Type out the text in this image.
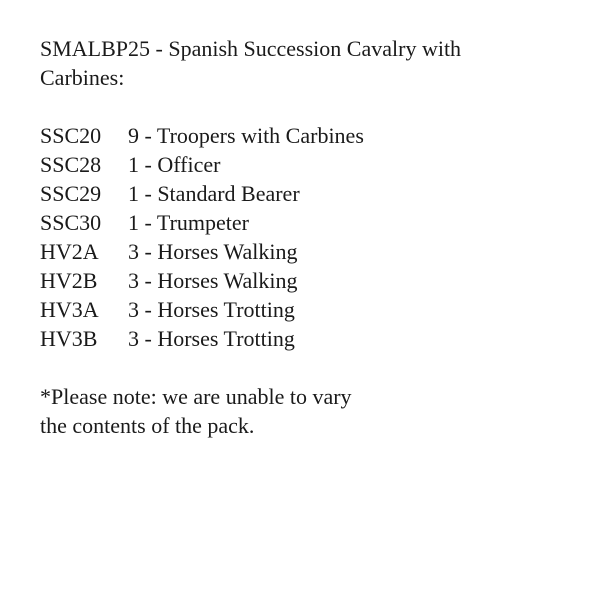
SMALBP25 - Spanish Succession Cavalry with
Carbines:
SSC20	9 - Troopers with Carbines
SSC28	1 - Officer
SSC29	1 - Standard Bearer
SSC30	1 - Trumpeter
HV2A	3 - Horses Walking
HV2B	3 - Horses Walking
HV3A	3 - Horses Trotting
HV3B	3 - Horses Trotting
*Please note: we are unable to vary
the contents of the pack.
